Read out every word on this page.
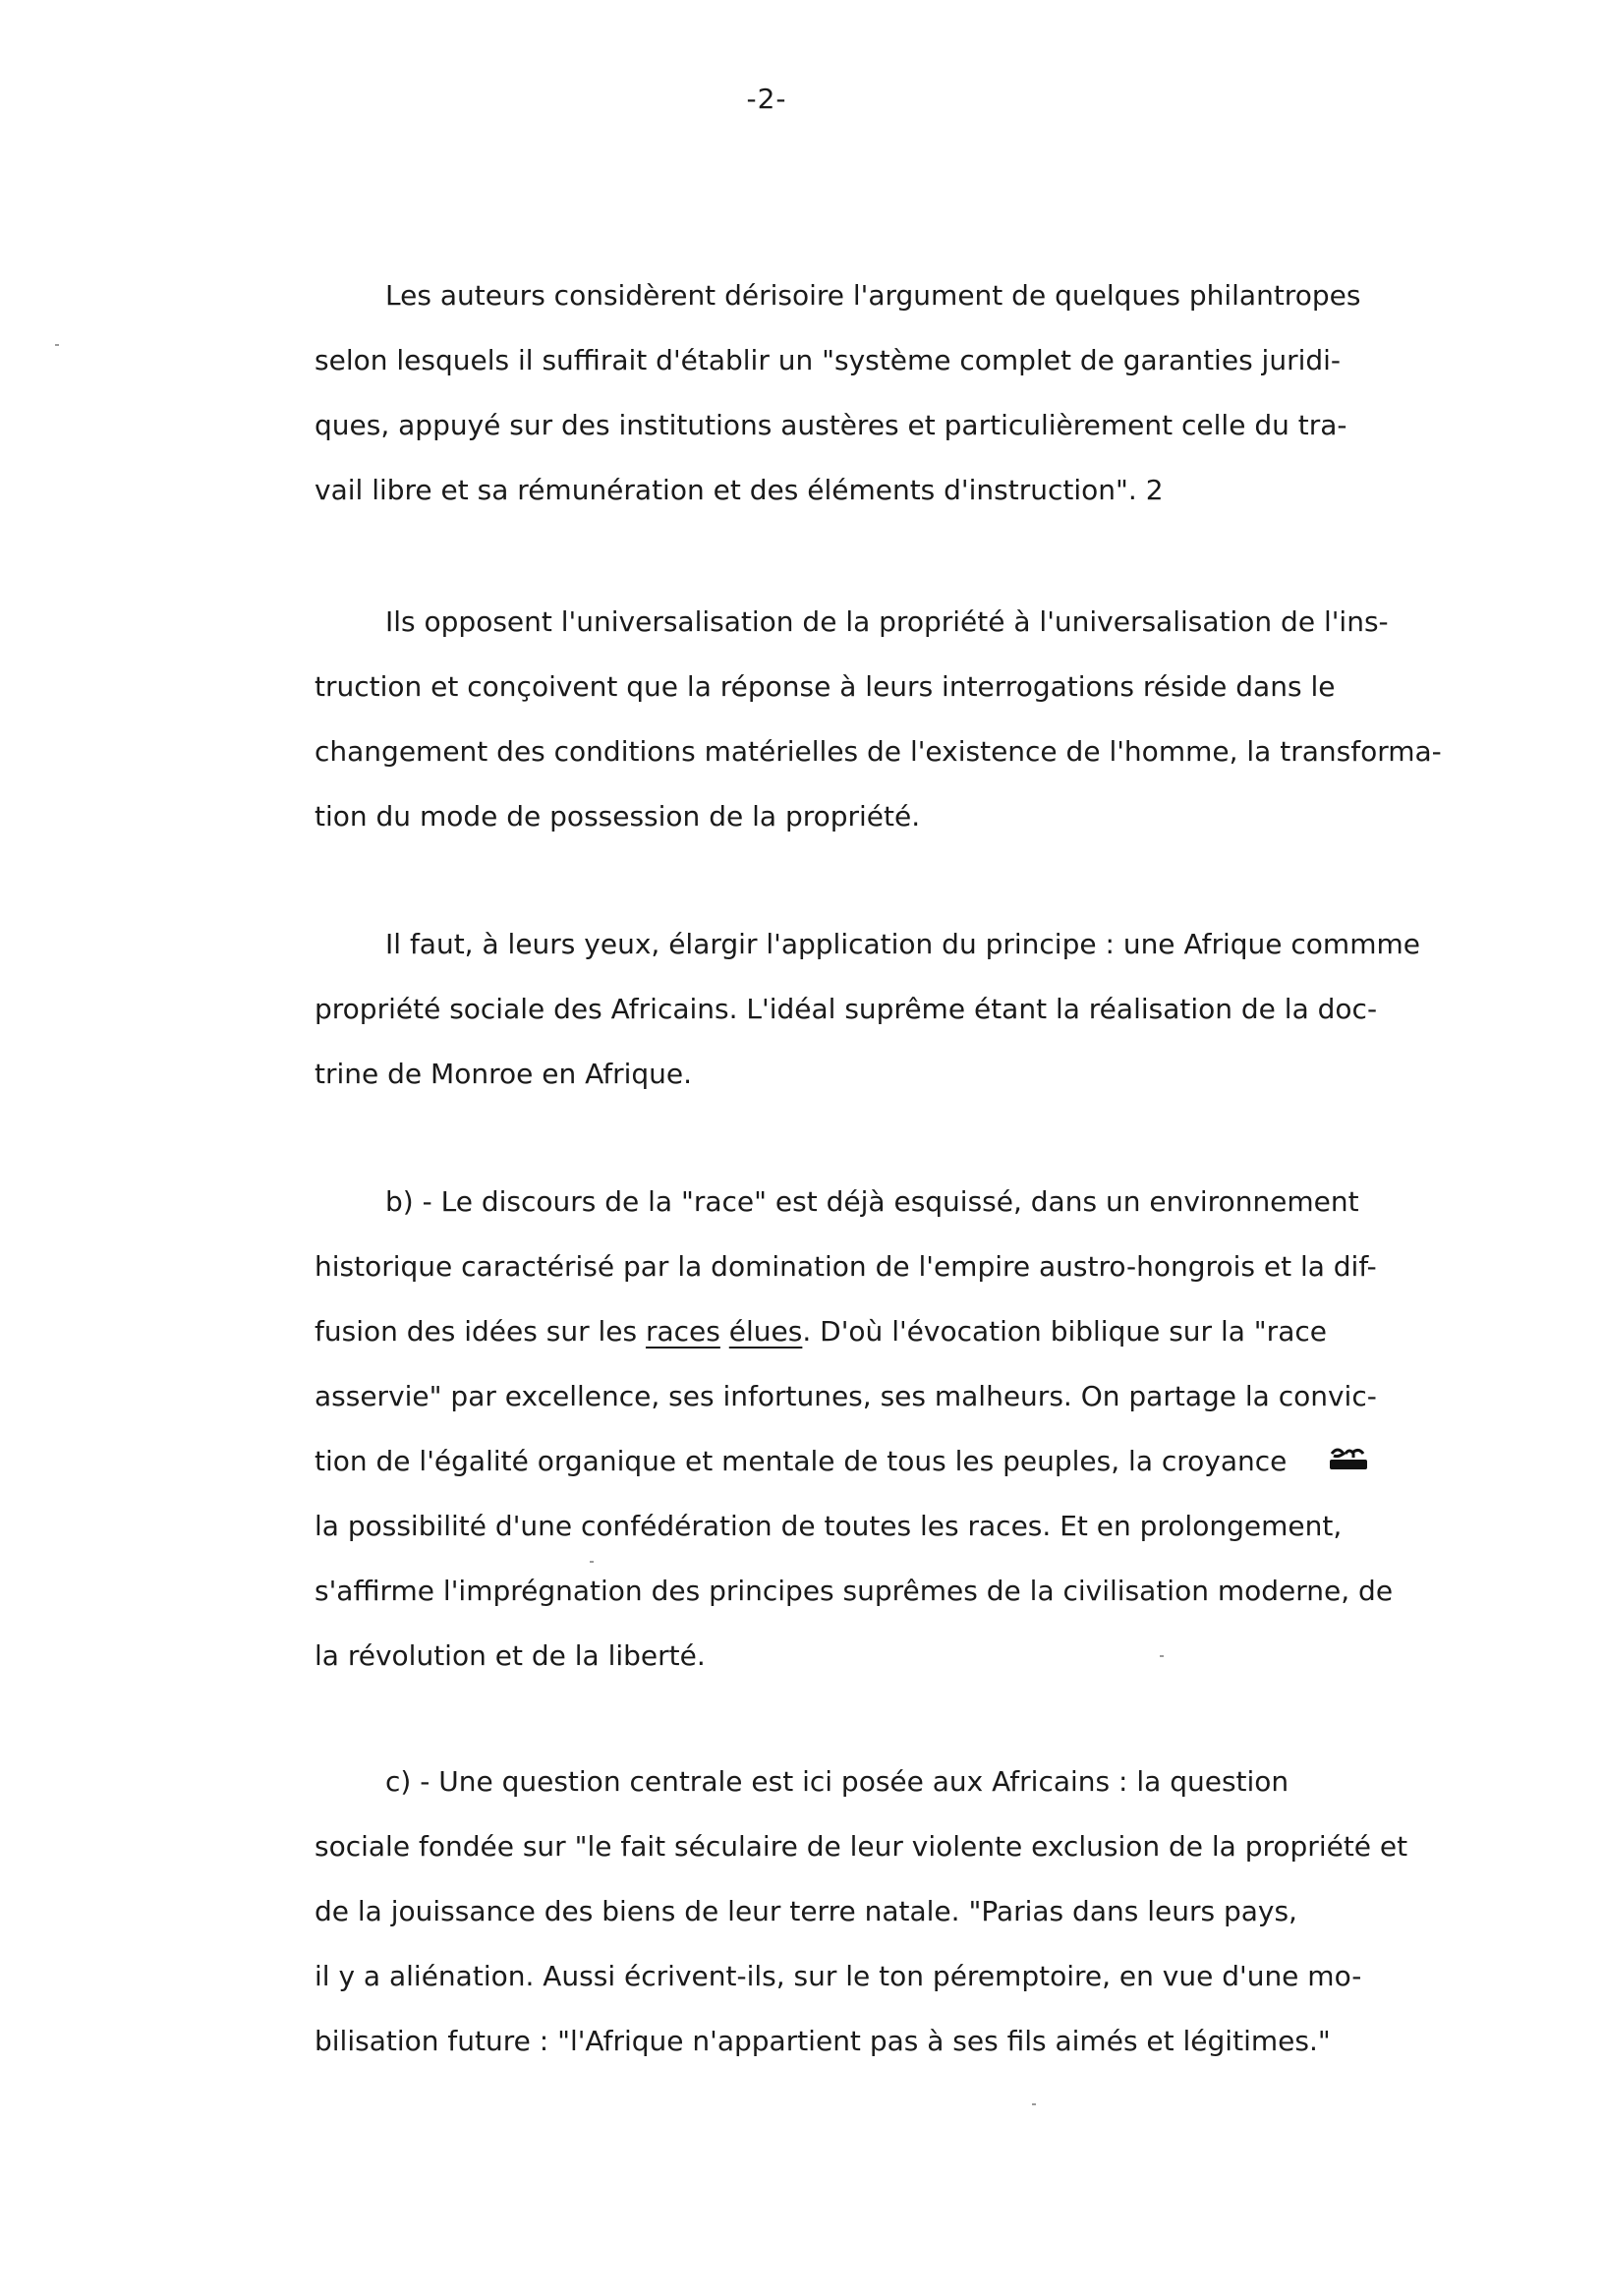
-2-
Les auteurs considèrent dérisoire l'argument de quelques philantropes
selon lesquels il suffirait d'établir un "système complet de garanties juridi-
ques, appuyé sur des institutions austères et particulièrement celle du tra-
vail libre et sa rémunération et des éléments d'instruction". 2
Ils opposent l'universalisation de la propriété à l'universalisation de l'ins-
truction et conçoivent que la réponse à leurs interrogations réside dans le
changement des conditions matérielles de l'existence de l'homme, la transforma-
tion du mode de possession de la propriété.
Il faut, à leurs yeux, élargir l'application du principe : une Afrique commme
propriété sociale des Africains. L'idéal suprême étant la réalisation de la doc-
trine de Monroe en Afrique.
b) - Le discours de la "race" est déjà esquissé, dans un environnement
historique caractérisé par la domination de l'empire austro-hongrois et la dif-
fusion des idées sur les races élues. D'où l'évocation biblique sur la "race
asservie" par excellence, ses infortunes, ses malheurs. On partage la convic-
tion de l'égalité organique et mentale de tous les peuples, la croyance
la possibilité d'une confédération de toutes les races. Et en prolongement,
s'affirme l'imprégnation des principes suprêmes de la civilisation moderne, de
la révolution et de la liberté.
c) - Une question centrale est ici posée aux Africains : la question
sociale fondée sur "le fait séculaire de leur violente exclusion de la propriété et
de la jouissance des biens de leur terre natale. "Parias dans leurs pays,
il y a aliénation. Aussi écrivent-ils, sur le ton péremptoire, en vue d'une mo-
bilisation future : "l'Afrique n'appartient pas à ses fils aimés et légitimes."
